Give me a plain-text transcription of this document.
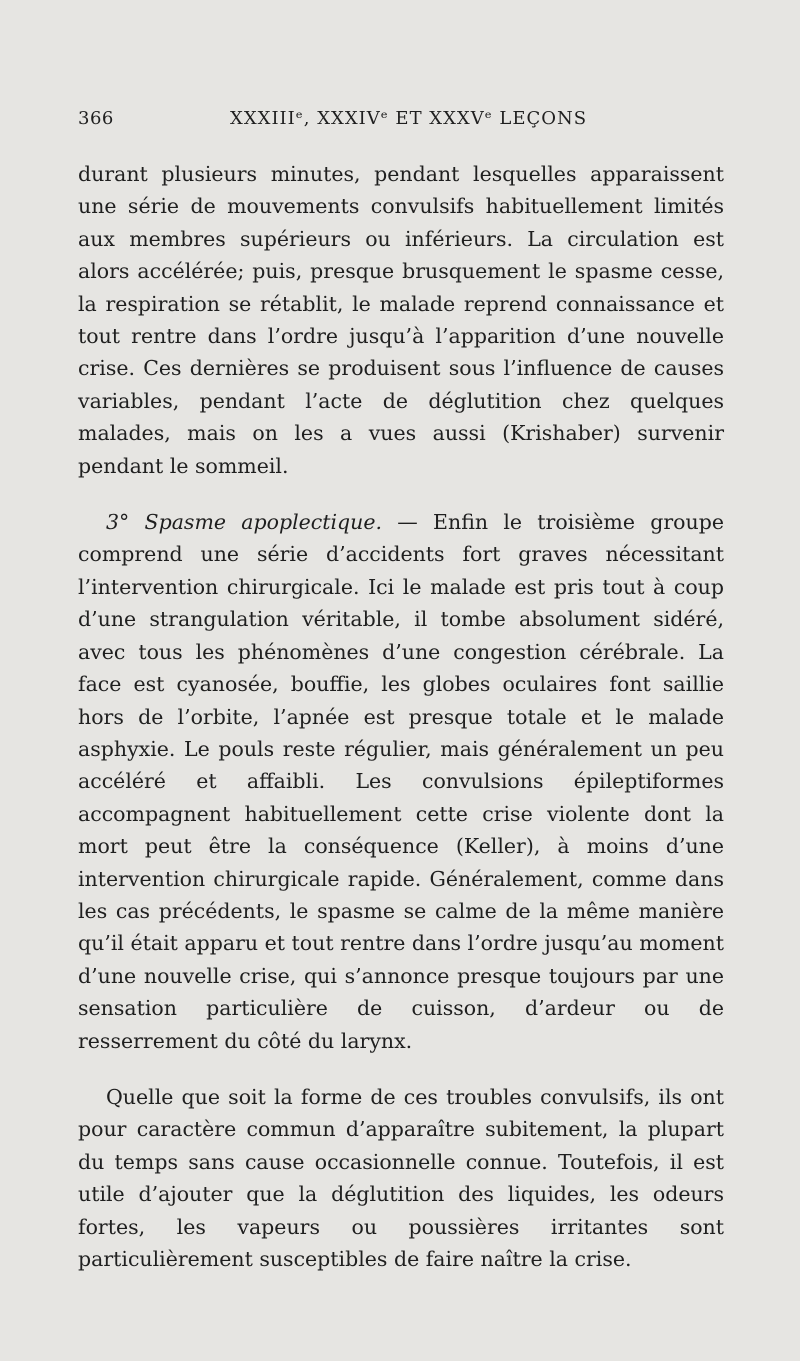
366	XXXIIIᵉ, XXXIVᵉ ET XXXVᵉ LEÇONS

durant plusieurs minutes, pendant lesquelles apparaissent une série de mouvements convulsifs habituellement limités aux membres supérieurs ou inférieurs. La circulation est alors accélérée; puis, presque brusquement le spasme cesse, la respiration se rétablit, le malade reprend connaissance et tout rentre dans l’ordre jusqu’à l’apparition d’une nouvelle crise. Ces dernières se produisent sous l’influence de causes variables, pendant l’acte de déglutition chez quelques malades, mais on les a vues aussi (Krishaber) survenir pendant le sommeil.

3° Spasme apoplectique. — Enfin le troisième groupe comprend une série d’accidents fort graves nécessitant l’intervention chirurgicale. Ici le malade est pris tout à coup d’une strangulation véritable, il tombe absolument sidéré, avec tous les phénomènes d’une congestion cérébrale. La face est cyanosée, bouffie, les globes oculaires font saillie hors de l’orbite, l’apnée est presque totale et le malade asphyxie. Le pouls reste régulier, mais généralement un peu accéléré et affaibli. Les convulsions épileptiformes accompagnent habituellement cette crise violente dont la mort peut être la conséquence (Keller), à moins d’une intervention chirurgicale rapide. Généralement, comme dans les cas précédents, le spasme se calme de la même manière qu’il était apparu et tout rentre dans l’ordre jusqu’au moment d’une nouvelle crise, qui s’annonce presque toujours par une sensation particulière de cuisson, d’ardeur ou de resserrement du côté du larynx.

Quelle que soit la forme de ces troubles convulsifs, ils ont pour caractère commun d’apparaître subitement, la plupart du temps sans cause occasionnelle connue. Toutefois, il est utile d’ajouter que la déglutition des liquides, les odeurs fortes, les vapeurs ou poussières irritantes sont particulièrement susceptibles de faire naître la crise.
